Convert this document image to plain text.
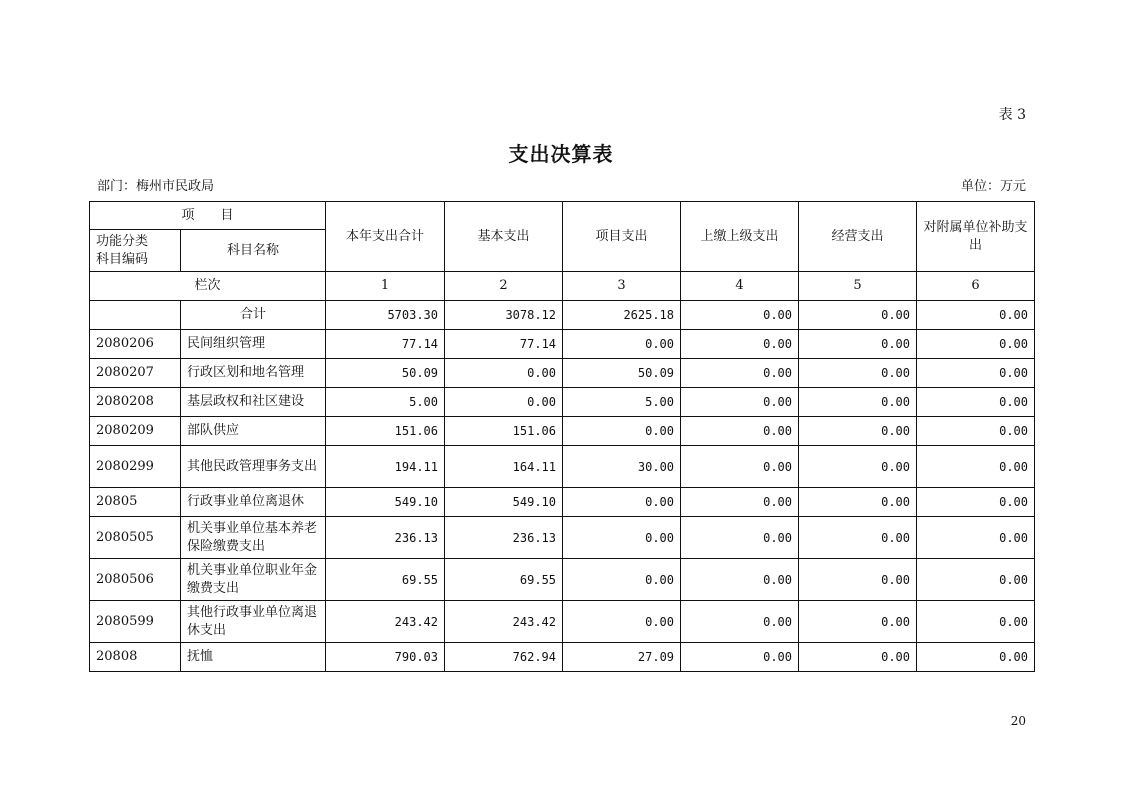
表 3
支出决算表
部门：梅州市民政局	单位：万元
项　　目		本年支出合计	基本支出	项目支出	上缴上级支出	经营支出	对附属单位补助支出
功能分类
科目编码	科目名称						
栏次		1	2	3	4	5	6
	合计	5703.30	3078.12	2625.18	0.00	0.00	0.00
2080206	民间组织管理	77.14	77.14	0.00	0.00	0.00	0.00
2080207	行政区划和地名管理	50.09	0.00	50.09	0.00	0.00	0.00
2080208	基层政权和社区建设	5.00	0.00	5.00	0.00	0.00	0.00
2080209	部队供应	151.06	151.06	0.00	0.00	0.00	0.00
2080299	其他民政管理事务支出	194.11	164.11	30.00	0.00	0.00	0.00
20805	行政事业单位离退休	549.10	549.10	0.00	0.00	0.00	0.00
2080505	机关事业单位基本养老保险缴费支出	236.13	236.13	0.00	0.00	0.00	0.00
2080506	机关事业单位职业年金缴费支出	69.55	69.55	0.00	0.00	0.00	0.00
2080599	其他行政事业单位离退休支出	243.42	243.42	0.00	0.00	0.00	0.00
20808	抚恤	790.03	762.94	27.09	0.00	0.00	0.00
20
